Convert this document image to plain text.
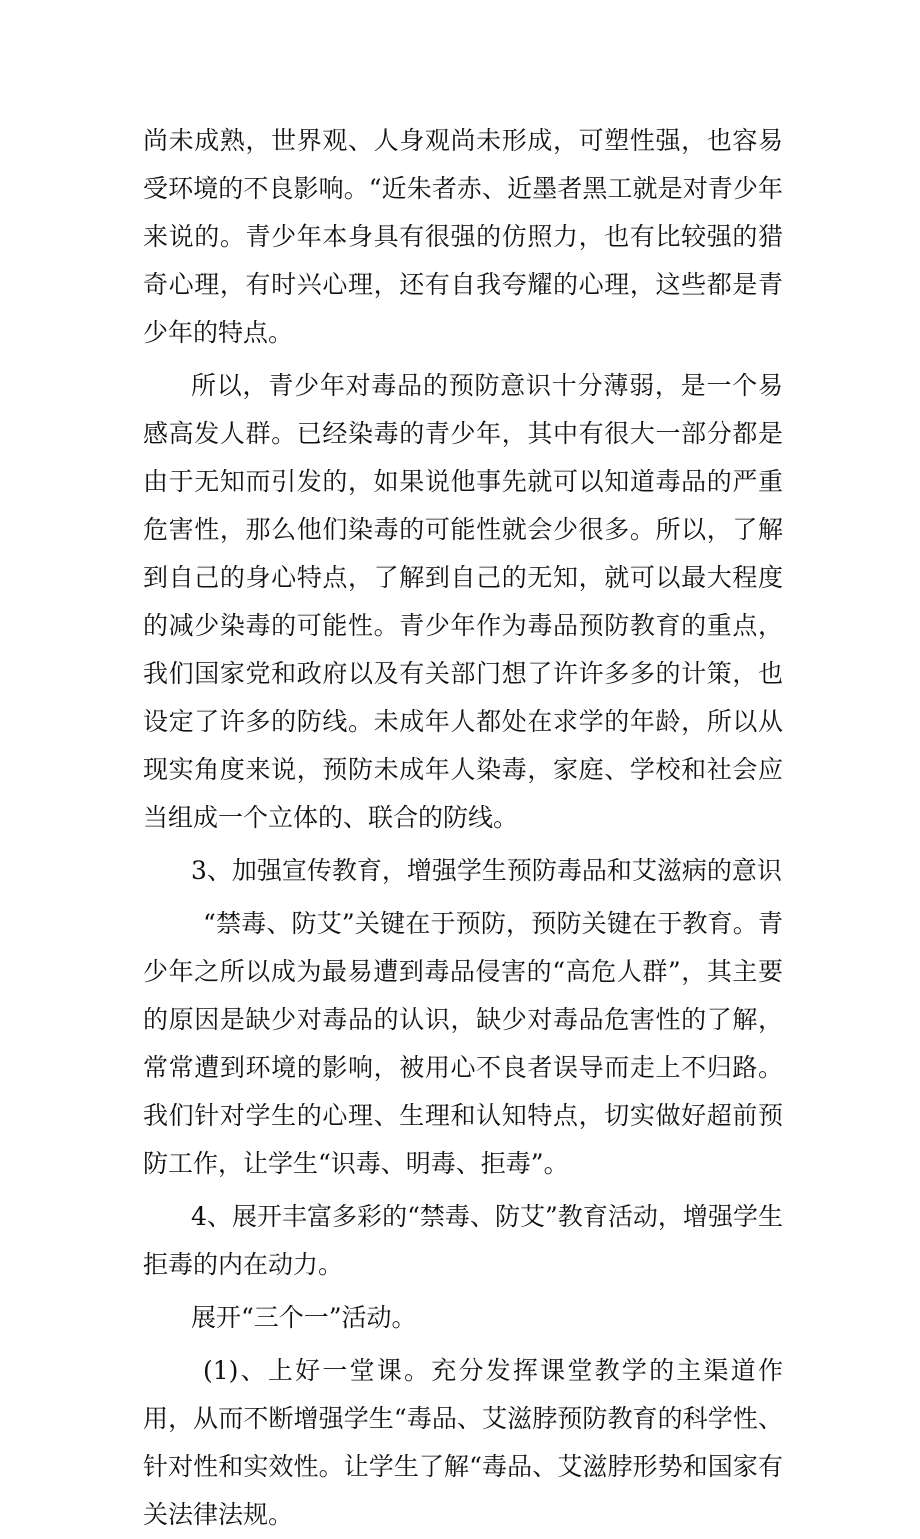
尚未成熟，世界观、人身观尚未形成，可塑性强，也容易受环境的不良影响。“近朱者赤、近墨者黑工就是对青少年来说的。青少年本身具有很强的仿照力，也有比较强的猎奇心理，有时兴心理，还有自我夸耀的心理，这些都是青少年的特点。

所以，青少年对毒品的预防意识十分薄弱，是一个易感高发人群。已经染毒的青少年，其中有很大一部分都是由于无知而引发的，如果说他事先就可以知道毒品的严重危害性，那么他们染毒的可能性就会少很多。所以，了解到自己的身心特点，了解到自己的无知，就可以最大程度的减少染毒的可能性。青少年作为毒品预防教育的重点，我们国家党和政府以及有关部门想了许许多多的计策，也设定了许多的防线。未成年人都处在求学的年龄，所以从现实角度来说，预防未成年人染毒，家庭、学校和社会应当组成一个立体的、联合的防线。

3、加强宣传教育，增强学生预防毒品和艾滋病的意识

“禁毒、防艾”关键在于预防，预防关键在于教育。青少年之所以成为最易遭到毒品侵害的“高危人群”，其主要的原因是缺少对毒品的认识，缺少对毒品危害性的了解，常常遭到环境的影响，被用心不良者误导而走上不归路。我们针对学生的心理、生理和认知特点，切实做好超前预防工作，让学生“识毒、明毒、拒毒”。

4、展开丰富多彩的“禁毒、防艾”教育活动，增强学生拒毒的内在动力。

展开“三个一”活动。

(1)、上好一堂课。充分发挥课堂教学的主渠道作用，从而不断增强学生“毒品、艾滋脖预防教育的科学性、针对性和实效性。让学生了解“毒品、艾滋脖形势和国家有关法律法规。
